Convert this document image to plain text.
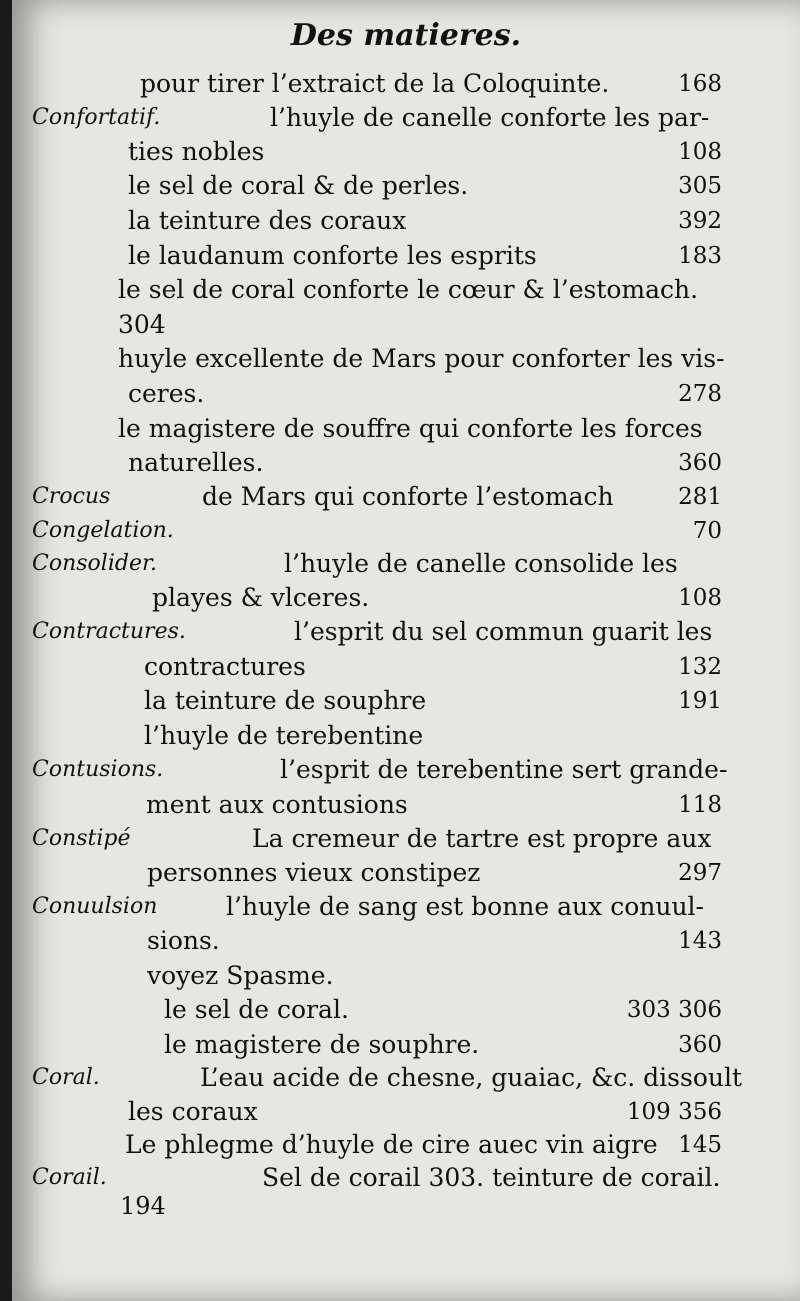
Des matieres.
pour tirer l’extraict de la Coloquinte.	168
Confortatif.	l’huyle de canelle conforte les par-
ties nobles	108
le sel de coral & de perles.	305
la teinture des coraux	392
le laudanum conforte les esprits	183
le sel de coral conforte le cœur & l’estomach.
304
huyle excellente de Mars pour conforter les vis-
ceres.	278
le magistere de souffre qui conforte les forces
naturelles.	360
Crocus	de Mars qui conforte l’estomach	281
Congelation.	70
Consolider.	l’huyle de canelle consolide les
playes & vlceres.	108
Contractures.	l’esprit du sel commun guarit les
contractures	132
la teinture de souphre	191
l’huyle de terebentine
Contusions.	l’esprit de terebentine sert grande-
ment aux contusions	118
Constipé	La cremeur de tartre est propre aux
personnes vieux constipez	297
Conuulsion	l’huyle de sang est bonne aux conuul-
sions.	143
voyez Spasme.
le sel de coral.	303 306
le magistere de souphre.	360
Coral.	L’eau acide de chesne, guaiac, &c. dissoult
les coraux	109 356
Le phlegme d’huyle de cire auec vin aigre 145
Corail.	Sel de corail 303. teinture de corail.
194
